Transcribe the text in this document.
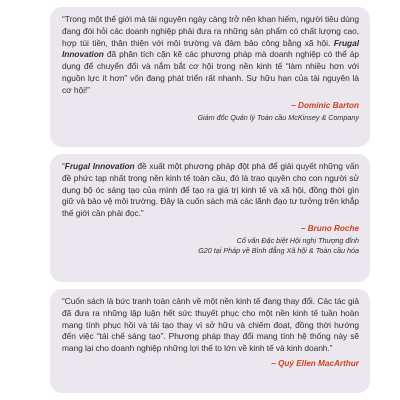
“Trong một thế giới mà tài nguyên ngày càng trở nên khan hiếm, người tiêu dùng đang đòi hỏi các doanh nghiệp phải đưa ra những sản phẩm có chất lượng cao, hợp túi tiền, thân thiện với môi trường và đảm bảo công bằng xã hội. Frugal Innovation đã phân tích cặn kẽ các phương pháp mà doanh nghiệp có thể áp dụng để chuyển đổi và nắm bắt cơ hội trong nền kinh tế “làm nhiều hơn với nguồn lực ít hơn” vốn đang phát triển rất nhanh. Sự hữu hạn của tài nguyên là cơ hội!”

– Dominic Barton

Giám đốc Quản lý Toàn cầu McKinsey & Company

“Frugal Innovation đề xuất một phương pháp đột phá để giải quyết những vấn đề phức tạp nhất trong nền kinh tế toàn cầu, đó là trao quyền cho con người sử dụng bộ óc sáng tạo của mình để tạo ra giá trị kinh tế và xã hội, đồng thời gìn giữ và bảo vệ môi trường. Đây là cuốn sách mà các lãnh đạo tư tưởng trên khắp thế giới cần phải đọc.”

– Bruno Roche

Cố vấn Đặc biệt Hội nghị Thượng đỉnh
G20 tại Pháp về Bình đẳng Xã hội & Toàn cầu hóa

“Cuốn sách là bức tranh toàn cảnh về một nền kinh tế đang thay đổi. Các tác giả đã đưa ra những lập luận hết sức thuyết phục cho một nền kinh tế tuần hoàn mang tính phục hồi và tái tạo thay vì sở hữu và chiếm đoạt, đồng thời hướng đến việc “tái chế sáng tạo”. Phương pháp thay đổi mang tính hệ thống này sẽ mang lại cho doanh nghiệp những lợi thế to lớn về kinh tế và kinh doanh.”

– Quý Ellen MacArthur
